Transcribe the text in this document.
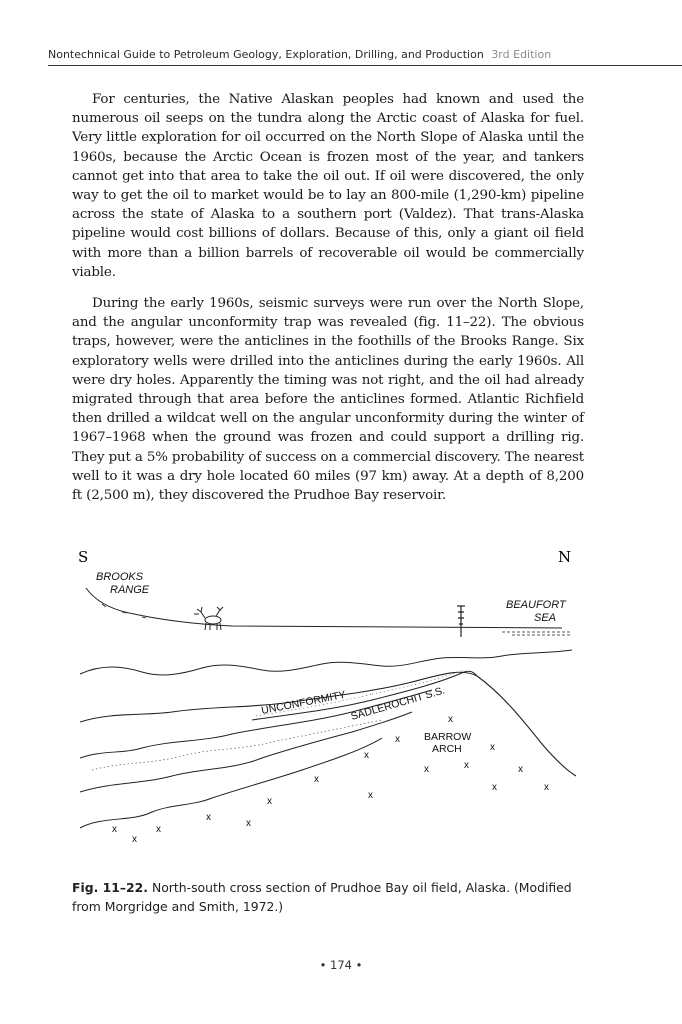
Nontechnical Guide to Petroleum Geology, Exploration, Drilling, and Production 3rd Edition

For centuries, the Native Alaskan peoples had known and used the numerous oil seeps on the tundra along the Arctic coast of Alaska for fuel. Very little exploration for oil occurred on the North Slope of Alaska until the 1960s, because the Arctic Ocean is frozen most of the year, and tankers cannot get into that area to take the oil out. If oil were discovered, the only way to get the oil to market would be to lay an 800-mile (1,290-km) pipeline across the state of Alaska to a southern port (Valdez). That trans-Alaska pipeline would cost billions of dollars. Because of this, only a giant oil field with more than a billion barrels of recoverable oil would be commercially viable.

During the early 1960s, seismic surveys were run over the North Slope, and the angular unconformity trap was revealed (fig. 11–22). The obvious traps, however, were the anticlines in the foothills of the Brooks Range. Six exploratory wells were drilled into the anticlines during the early 1960s. All were dry holes. Apparently the timing was not right, and the oil had already migrated through that area before the anticlines formed. Atlantic Richfield then drilled a wildcat well on the angular unconformity during the winter of 1967–1968 when the ground was frozen and could support a drilling rig. They put a 5% probability of success on a commercial discovery. The nearest well to it was a dry hole located 60 miles (97 km) away. At a depth of 8,200 ft (2,500 m), they discovered the Prudhoe Bay reservoir.

S	N
BROOKS
RANGE
BEAUFORT
SEA
UNCONFORMITY SADLEROCHIT S.S.
BARROW
ARCH
x
x
x
x
x	x	x
x	x
x
x
x
x
x
x	x
x

Fig. 11–22. North-south cross section of Prudhoe Bay oil field, Alaska. (Modified from Morgridge and Smith, 1972.)

• 174 •
